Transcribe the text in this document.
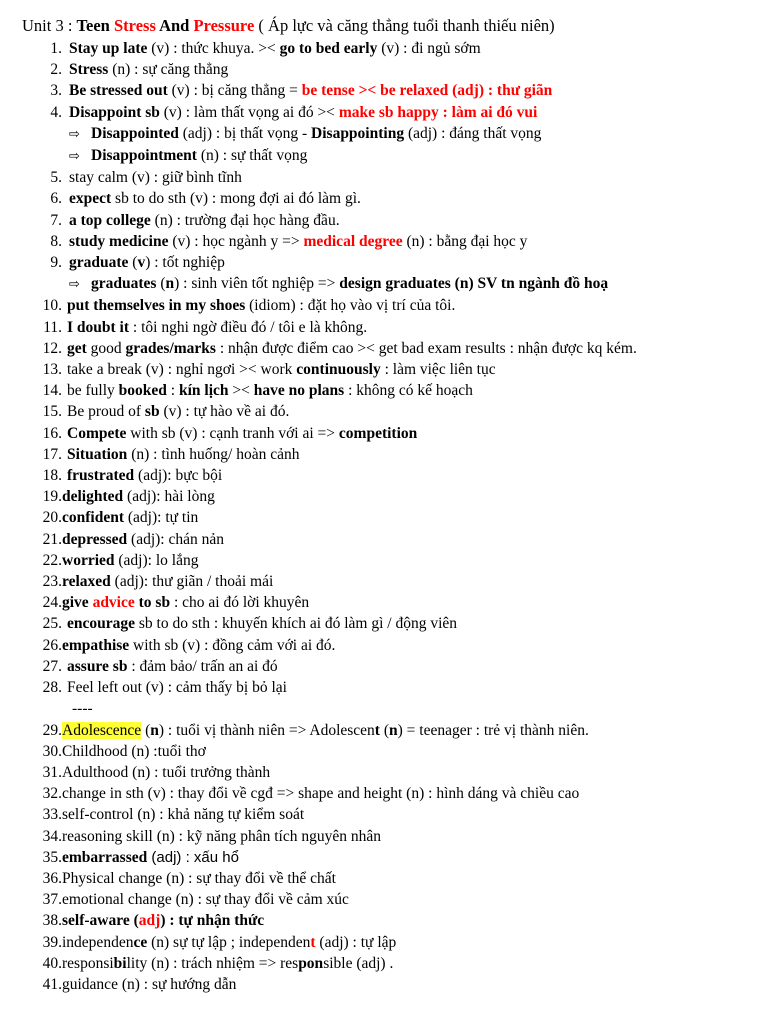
Unit 3 : Teen Stress And Pressure ( Áp lực và căng thẳng tuổi thanh thiếu niên)
1. Stay up late (v) : thức khuya. >< go to bed early (v) : đi ngủ sớm
2. Stress (n) : sự căng thẳng
3. Be stressed out (v) : bị căng thẳng = be tense >< be relaxed (adj) : thư giãn
4. Disappoint sb (v) : làm thất vọng ai đó >< make sb happy : làm ai đó vui
⇨ Disappointed (adj) : bị thất vọng - Disappointing (adj) : đáng thất vọng
⇨ Disappointment (n) : sự thất vọng
5. stay calm (v) : giữ bình tĩnh
6. expect sb to do sth (v) : mong đợi ai đó làm gì.
7. a top college (n) : trường đại học hàng đầu.
8. study medicine (v) : học ngành y => medical degree (n) : bằng đại học y
9. graduate (v) : tốt nghiệp
⇨ graduates (n) : sinh viên tốt nghiệp => design graduates (n) SV tn ngành đồ hoạ
10. put themselves in my shoes (idiom) : đặt họ vào vị trí của tôi.
11. I doubt it : tôi nghi ngờ điều đó / tôi e là không.
12. get good grades/marks : nhận được điểm cao >< get bad exam results : nhận được kq kém.
13. take a break (v) : nghỉ ngơi >< work continuously : làm việc liên tục
14. be fully booked : kín lịch >< have no plans : không có kế hoạch
15. Be proud of sb (v) : tự hào về ai đó.
16. Compete with sb (v) : cạnh tranh với ai => competition
17. Situation (n) : tình huống/ hoàn cảnh
18. frustrated (adj): bực bội
19.delighted (adj): hài lòng
20.confident (adj): tự tin
21.depressed (adj): chán nản
22.worried (adj): lo lắng
23.relaxed (adj): thư giãn / thoải mái
24.give advice to sb : cho ai đó lời khuyên
25. encourage sb to do sth : khuyến khích ai đó làm gì / động viên
26.empathise with sb (v) : đồng cảm với ai đó.
27. assure sb : đảm bảo/ trấn an ai đó
28. Feel left out (v) : cảm thấy bị bỏ lại
----
29.Adolescence (n) : tuổi vị thành niên => Adolescent (n) = teenager : trẻ vị thành niên.
30.Childhood (n) :tuổi thơ
31.Adulthood (n) : tuổi trưởng thành
32.change in sth (v) : thay đổi về cgđ => shape and height (n) : hình dáng và chiều cao
33.self-control (n) : khả năng tự kiểm soát
34.reasoning skill (n) : kỹ năng phân tích nguyên nhân
35.embarrassed (adj) : xấu hổ
36.Physical change (n) : sự thay đổi về thể chất
37.emotional change (n) : sự thay đổi về cảm xúc
38.self-aware (adj) : tự nhận thức
39.independence (n) sự tự lập ; independent (adj) : tự lập
40.responsibility (n) : trách nhiệm => responsible (adj) .
41.guidance (n) : sự hướng dẫn
